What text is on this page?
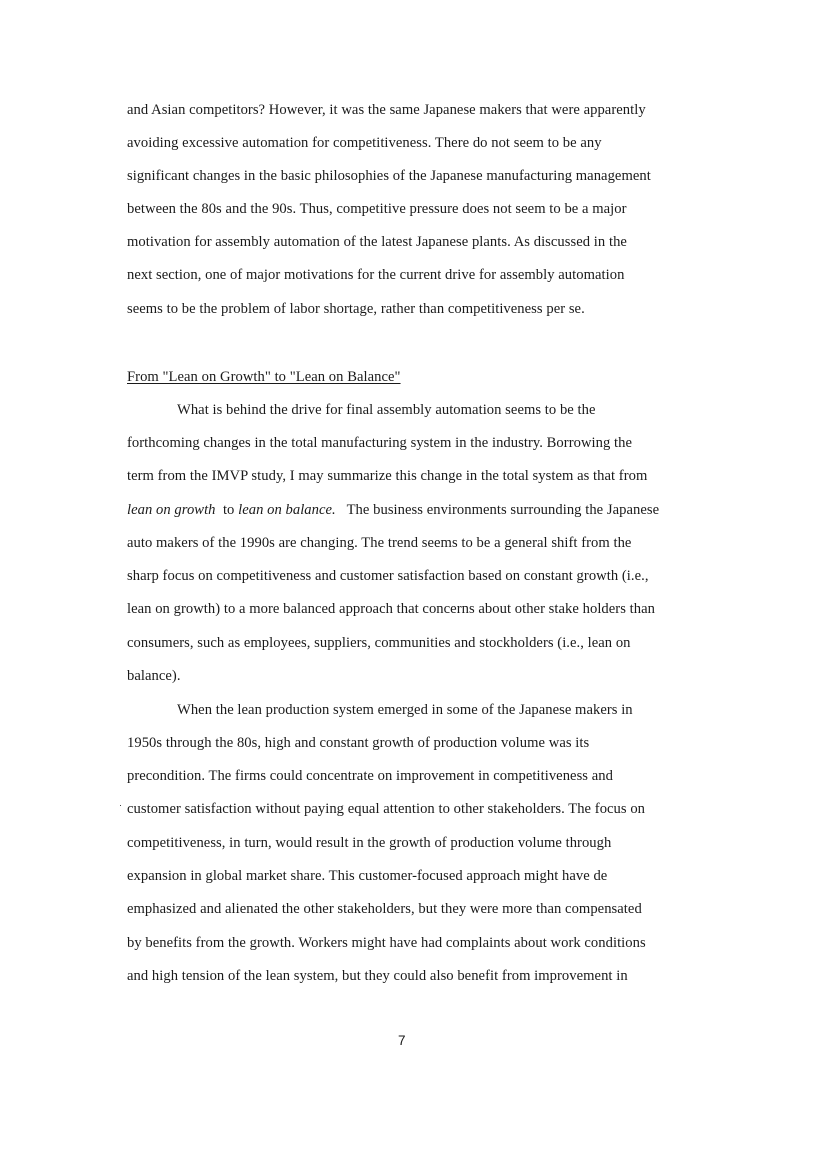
and Asian competitors? However, it was the same Japanese makers that were apparently
avoiding excessive automation for competitiveness. There do not seem to be any
significant changes in the basic philosophies of the Japanese manufacturing management
between the 80s and the 90s. Thus, competitive pressure does not seem to be a major
motivation for assembly automation of the latest Japanese plants. As discussed in the
next section, one of major motivations for the current drive for assembly automation
seems to be the problem of labor shortage, rather than competitiveness per se.
From "Lean on Growth" to "Lean on Balance"
What is behind the drive for final assembly automation seems to be the
forthcoming changes in the total manufacturing system in the industry. Borrowing the
term from the IMVP study, I may summarize this change in the total system as that from
lean on growth  to lean on balance.   The business environments surrounding the Japanese
auto makers of the 1990s are changing. The trend seems to be a general shift from the
sharp focus on competitiveness and customer satisfaction based on constant growth (i.e.,
lean on growth) to a more balanced approach that concerns about other stake holders than
consumers, such as employees, suppliers, communities and stockholders (i.e., lean on
balance).
When the lean production system emerged in some of the Japanese makers in
1950s through the 80s, high and constant growth of production volume was its
precondition. The firms could concentrate on improvement in competitiveness and
customer satisfaction without paying equal attention to other stakeholders. The focus on
competitiveness, in turn, would result in the growth of production volume through
expansion in global market share. This customer-focused approach might have de
emphasized and alienated the other stakeholders, but they were more than compensated
by benefits from the growth. Workers might have had complaints about work conditions
and high tension of the lean system, but they could also benefit from improvement in
7
